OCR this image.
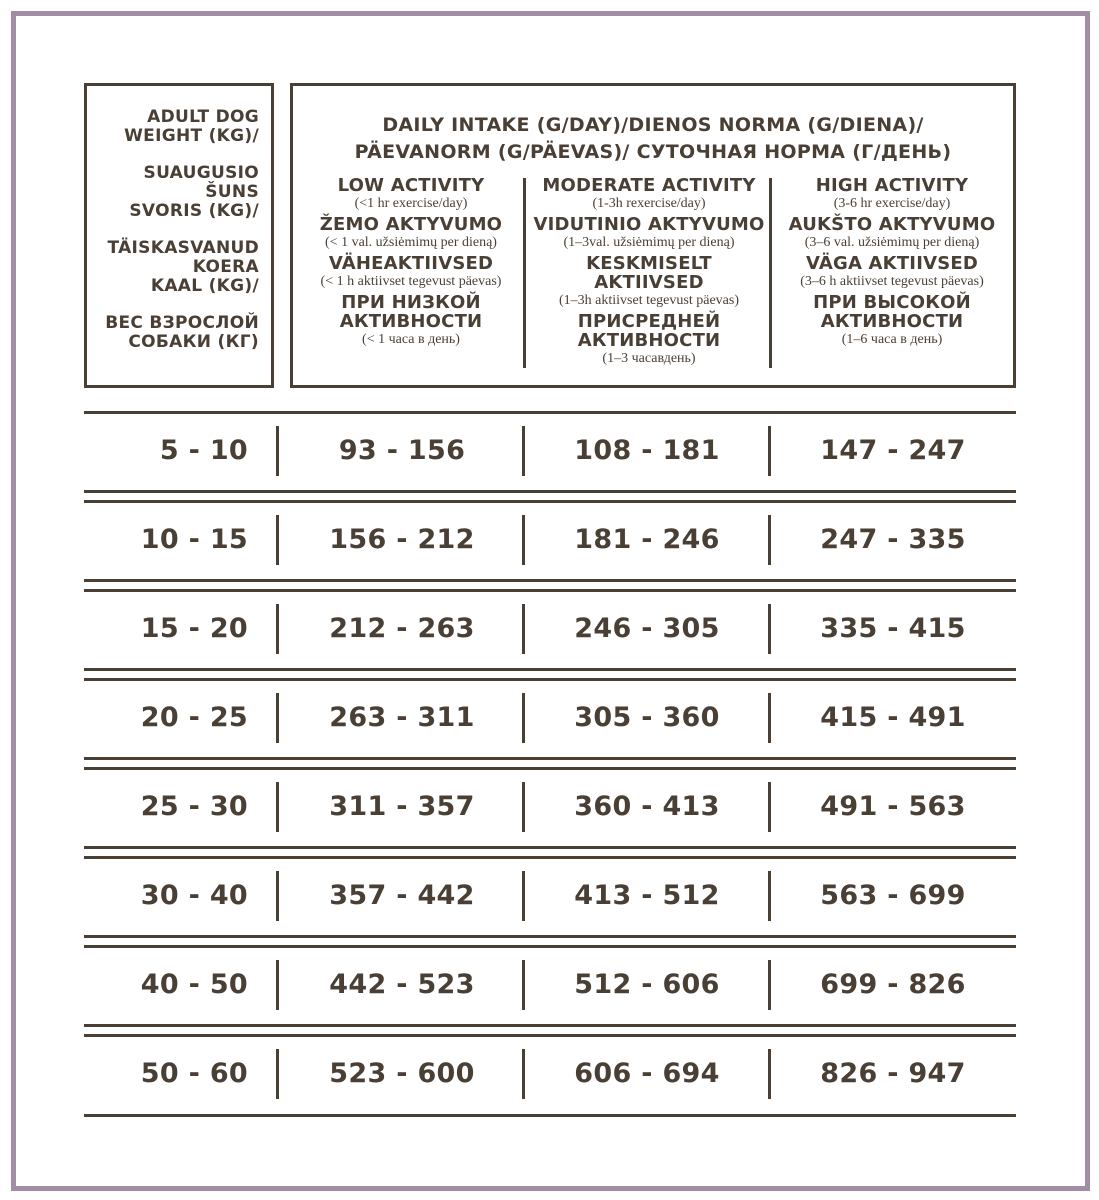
ADULT DOG
WEIGHT (KG)/
SUAUGUSIO
ŠUNS
SVORIS (KG)/
TÄISKASVANUD
KOERA
KAAL (KG)/
ВЕС ВЗРОСЛОЙ
СОБАКИ (КГ)
DAILY INTAKE (G/DAY)/DIENOS NORMA (G/DIENA)/
PÄEVANORM (G/PÄEVAS)/ СУТОЧНАЯ НОРМА (Г/ДЕНЬ)
LOW ACTIVITY
(<1 hr exercise/day)
ŽEMO AKTYVUMO
(< 1 val. užsiėmimų per dieną)
VÄHEAKTIIVSED
(< 1 h aktiivset tegevust päevas)
ПРИ НИЗКОЙ
АКТИВНОСТИ
(< 1 часа в день)
MODERATE ACTIVITY
(1-3h rexercise/day)
VIDUTINIO AKTYVUMO
(1–3val. užsiėmimų per dieną)
KESKMISELT
AKTIIVSED
(1–3h aktiivset tegevust päevas)
ПРИСРЕДНЕЙ
АКТИВНОСТИ
(1–3 часавдень)
HIGH ACTIVITY
(3-6 hr exercise/day)
AUKŠTO AKTYVUMO
(3–6 val. užsiėmimų per dieną)
VÄGA AKTIIVSED
(3–6 h aktiivset tegevust päevas)
ПРИ ВЫСОКОЙ
АКТИВНОСТИ
(1–6 часа в день)
5 - 10	93 - 156	108 - 181	147 - 247
10 - 15	156 - 212	181 - 246	247 - 335
15 - 20	212 - 263	246 - 305	335 - 415
20 - 25	263 - 311	305 - 360	415 - 491
25 - 30	311 - 357	360 - 413	491 - 563
30 - 40	357 - 442	413 - 512	563 - 699
40 - 50	442 - 523	512 - 606	699 - 826
50 - 60	523 - 600	606 - 694	826 - 947
